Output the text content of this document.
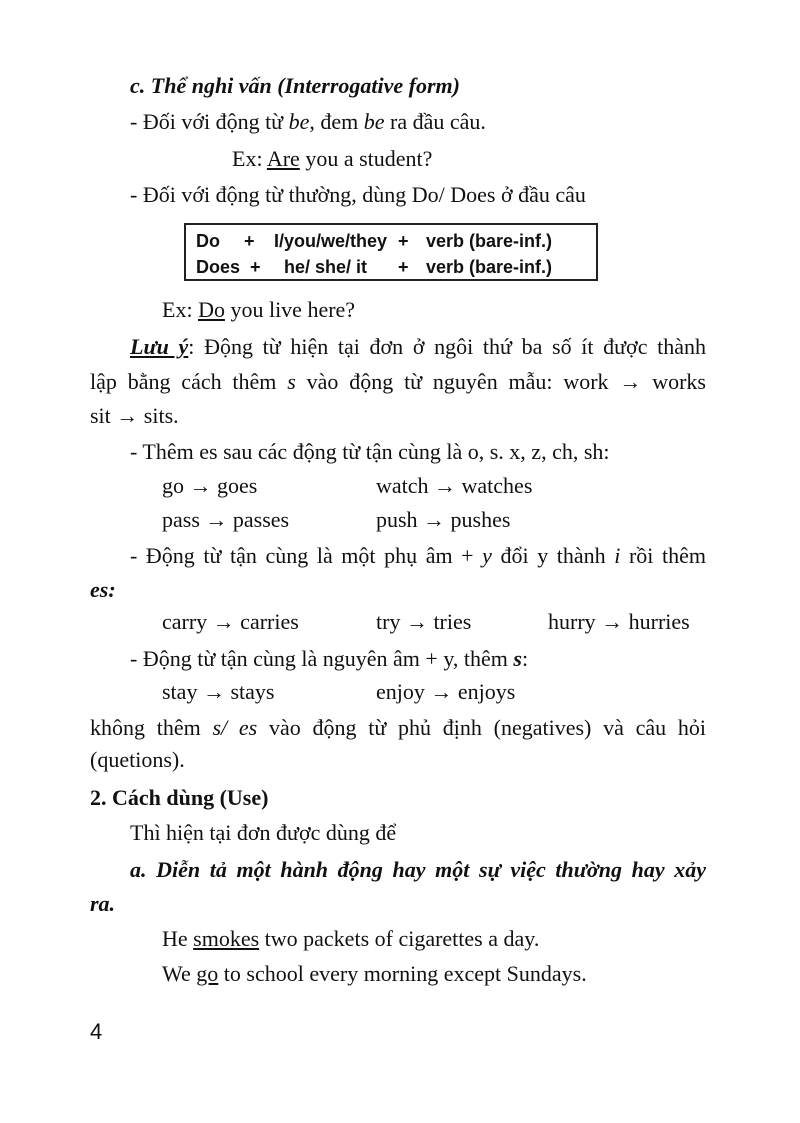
c. Thể nghi vấn (Interrogative form)
- Đối với động từ be, đem be ra đầu câu.
Ex: Are you a student?
- Đối với động từ thường, dùng Do/ Does ở đầu câu
Do + I/you/we/they + verb (bare-inf.)
Does + he/ she/ it + verb (bare-inf.)
Ex: Do you live here?
Lưu ý: Động từ hiện tại đơn ở ngôi thứ ba số ít được thành
lập bằng cách thêm s vào động từ nguyên mẫu: work → works
sit → sits.
- Thêm es sau các động từ tận cùng là o, s. x, z, ch, sh:
go → goes	watch → watches
pass → passes	push → pushes
- Động từ tận cùng là một phụ âm + y đổi y thành i rồi thêm
es:
carry → carries	try → tries	hurry → hurries
- Động từ tận cùng là nguyên âm + y, thêm s:
stay → stays	enjoy → enjoys
không thêm s/ es vào động từ phủ định (negatives) và câu hỏi
(quetions).
2. Cách dùng (Use)
Thì hiện tại đơn được dùng để
a. Diễn tả một hành động hay một sự việc thường hay xảy
ra.
He smokes two packets of cigarettes a day.
We go to school every morning except Sundays.
4
